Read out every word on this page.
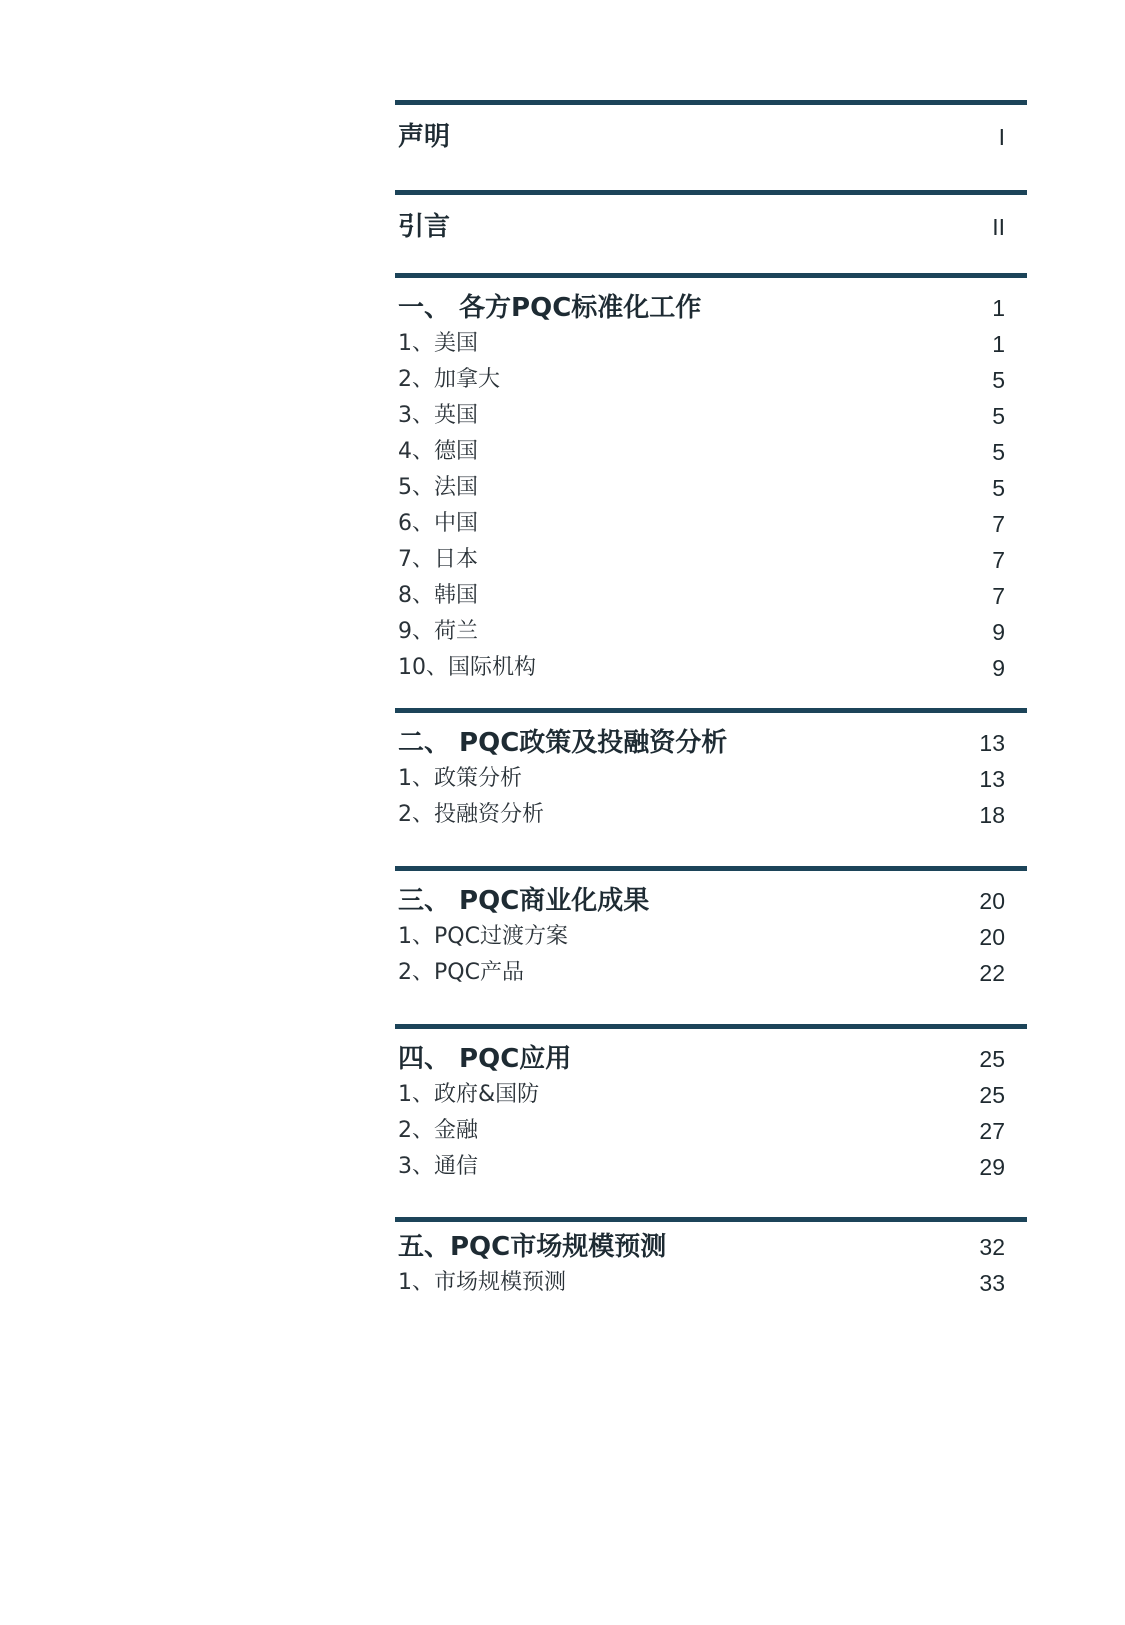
声明	I
引言	II
一、 各方PQC标准化工作	1
1、美国	1
2、加拿大	5
3、英国	5
4、德国	5
5、法国	5
6、中国	7
7、日本	7
8、韩国	7
9、荷兰	9
10、国际机构	9
二、 PQC政策及投融资分析	13
1、政策分析	13
2、投融资分析	18
三、 PQC商业化成果	20
1、PQC过渡方案	20
2、PQC产品	22
四、 PQC应用	25
1、政府&国防	25
2、金融	27
3、通信	29
五、PQC市场规模预测	32
1、市场规模预测	33
